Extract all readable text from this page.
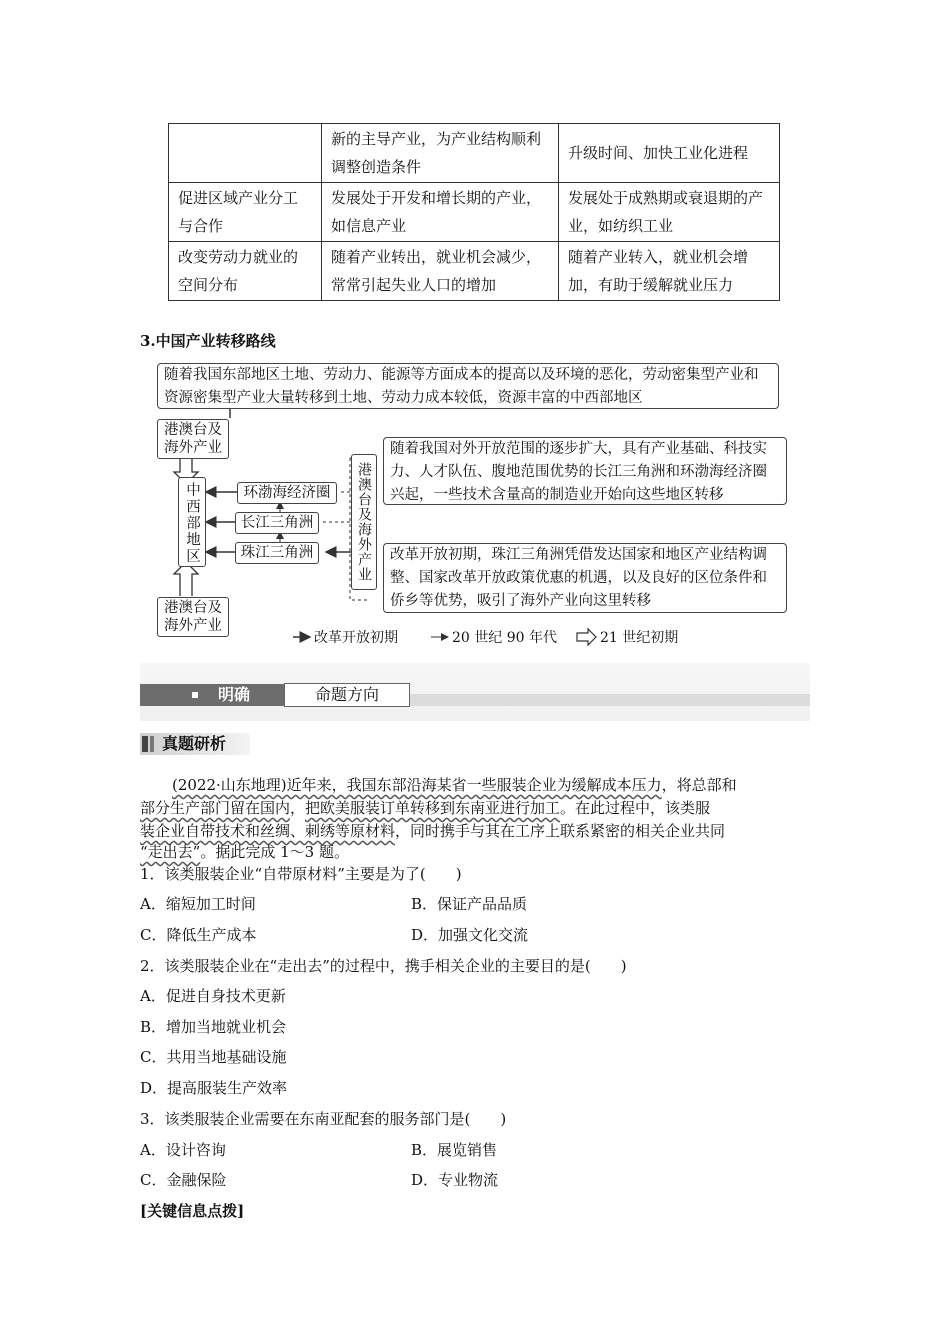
	新的主导产业，为产业结构顺利调整创造条件	升级时间、加快工业化进程
促进区域产业分工与合作	发展处于开发和增长期的产业，如信息产业	发展处于成熟期或衰退期的产业，如纺织工业
改变劳动力就业的空间分布	随着产业转出，就业机会减少，常常引起失业人口的增加	随着产业转入，就业机会增加，有助于缓解就业压力
3.中国产业转移路线
随着我国东部地区土地、劳动力、能源等方面成本的提高以及环境的恶化，劳动密集型产业和资源密集型产业大量转移到土地、劳动力成本较低，资源丰富的中西部地区
港澳台及海外产业
港澳台及海外产业
中西部地区	环渤海经济圈
长江三角洲
珠江三角洲	港澳台及海外产业
随着我国对外开放范围的逐步扩大，具有产业基础、科技实力、人才队伍、腹地范围优势的长江三角洲和环渤海经济圈兴起，一些技术含量高的制造业开始向这些地区转移
改革开放初期，珠江三角洲凭借发达国家和地区产业结构调整、国家改革开放政策优惠的机遇，以及良好的区位条件和侨乡等优势，吸引了海外产业向这里转移
改革开放初期	20 世纪 90 年代	21 世纪初期
明确	命题方向
真题研析
(2022·山东地理)近年来，我国东部沿海某省一些服装企业为缓解成本压力，将总部和
部分生产部门留在国内，把欧美服装订单转移到东南亚进行加工。在此过程中，该类服
装企业自带技术和丝绸、刺绣等原材料，同时携手与其在工序上联系紧密的相关企业共同
“走出去”。据此完成 1～3 题。
1．该类服装企业“自带原材料”主要是为了(　　)
A．缩短加工时间	B．保证产品品质
C．降低生产成本	D．加强文化交流
2．该类服装企业在“走出去”的过程中，携手相关企业的主要目的是(　　)
A．促进自身技术更新
B．增加当地就业机会
C．共用当地基础设施
D．提高服装生产效率
3．该类服装企业需要在东南亚配套的服务部门是(　　)
A．设计咨询	B．展览销售
C．金融保险	D．专业物流
[关键信息点拨]
